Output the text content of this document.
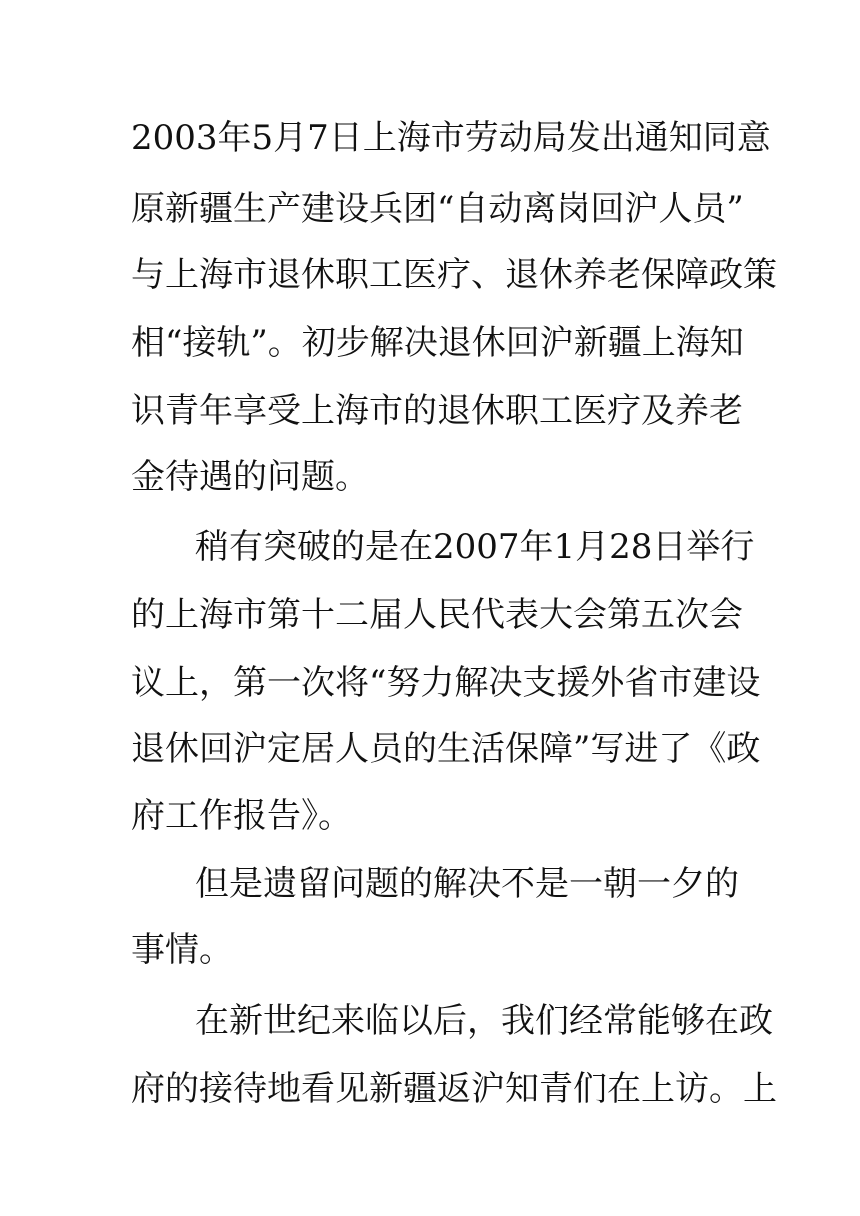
2003年5月7日上海市劳动局发出通知同意

原新疆生产建设兵团“自动离岗回沪人员”

与上海市退休职工医疗、退休养老保障政策

相“接轨”。初步解决退休回沪新疆上海知

识青年享受上海市的退休职工医疗及养老

金待遇的问题。

稍有突破的是在2007年1月28日举行

的上海市第十二届人民代表大会第五次会

议上，第一次将“努力解决支援外省市建设

退休回沪定居人员的生活保障”写进了《政

府工作报告》。

但是遗留问题的解决不是一朝一夕的

事情。

在新世纪来临以后，我们经常能够在政

府的接待地看见新疆返沪知青们在上访。上
